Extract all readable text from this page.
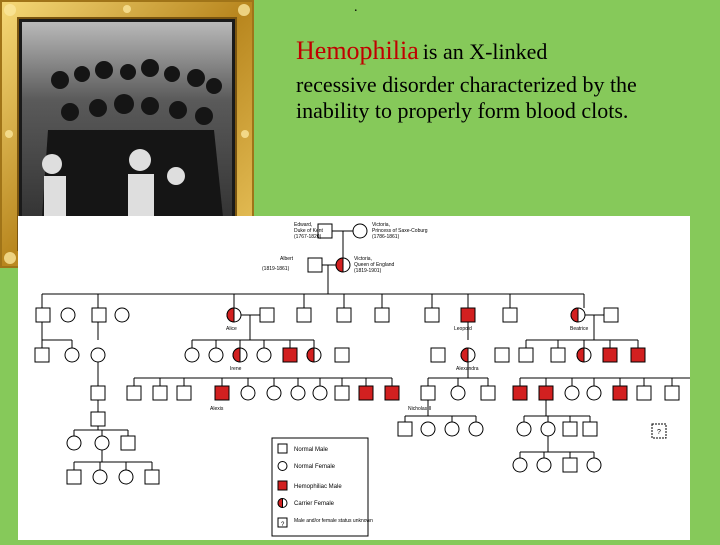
.
Hemophilia is an X-linked
recessive disorder characterized by the
inability to properly form blood clots.
?
Edward,
Duke of Kent
(1767-1820)
Victoria,
Princess of Saxe-Coburg
(1786-1861)
Albert
(1819-1861)
Victoria,
Queen of England
(1819-1901)
Alice	Leopold	Beatrice
Irene	Alexandra
Alexis	Nicholas II
?
Normal Male
Normal Female
Hemophiliac Male
Carrier Female
Male and/or female status unknown
